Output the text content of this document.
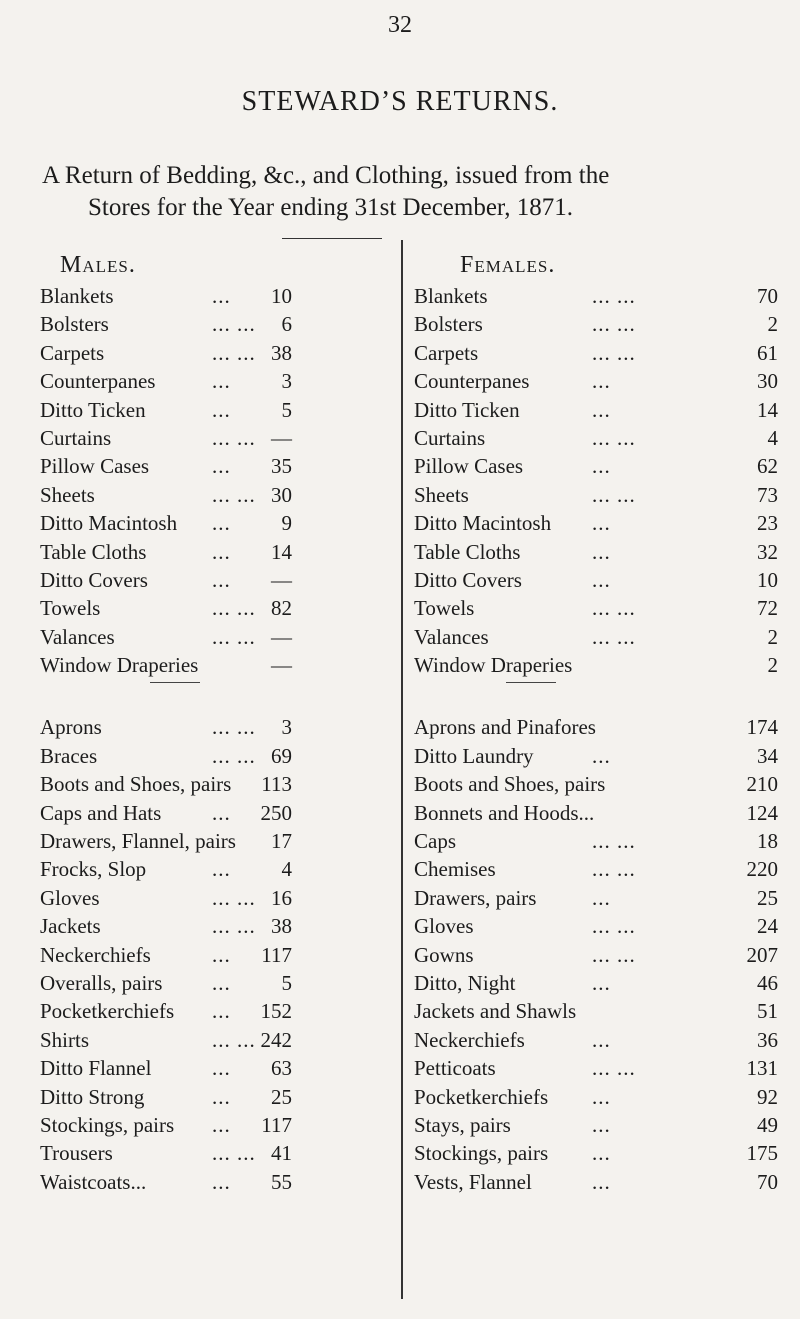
32
STEWARD’S RETURNS.
A Return of Bedding, &c., and Clothing, issued from the
Stores for the Year ending 31st December, 1871.
Males.	Females.
Blankets	...	10
Bolsters	... ...	6
Carpets	... ... 38
Counterpanes	...	3
Ditto Ticken	...	5
Curtains	... ... —
Pillow Cases	...	35
Sheets	... ... 30
Ditto Macintosh ...	9
Table Cloths	...	14
Ditto Covers	...	—
Towels	... ... 82
Valances	... ... —
Window Draperies	—
Aprons	... ...	3
Braces	... ... 69
Boots and Shoes, pairs	113
Caps and Hats ...	250
Drawers, Flannel, pairs	17
Frocks, Slop	...	4
Gloves	... ... 16
Jackets	... ... 38
Neckerchiefs	...	117
Overalls, pairs ...	5
Pocketkerchiefs ...	152
Shirts	... ... 242
Ditto Flannel	...	63
Ditto Strong	...	25
Stockings, pairs ...	117
Trousers	... ... 41
Waistcoats...	...	55
Blankets	... ...	70
Bolsters	... ...	2
Carpets	... ...	61
Counterpanes	...	30
Ditto Ticken	...	14
Curtains	... ...	4
Pillow Cases	...	62
Sheets	... ...	73
Ditto Macintosh ...	23
Table Cloths	...	32
Ditto Covers	...	10
Towels	... ...	72
Valances	... ...	2
Window Draperies	2
Aprons and Pinafores	174
Ditto Laundry	...	34
Boots and Shoes, pairs	210
Bonnets and Hoods...	124
Caps	... ...	18
Chemises	... ...	220
Drawers, pairs	...	25
Gloves	... ...	24
Gowns	... ...	207
Ditto, Night	...	46
Jackets and Shawls	51
Neckerchiefs	...	36
Petticoats	... ...	131
Pocketkerchiefs ...	92
Stays, pairs	...	49
Stockings, pairs ...	175
Vests, Flannel	...	70
